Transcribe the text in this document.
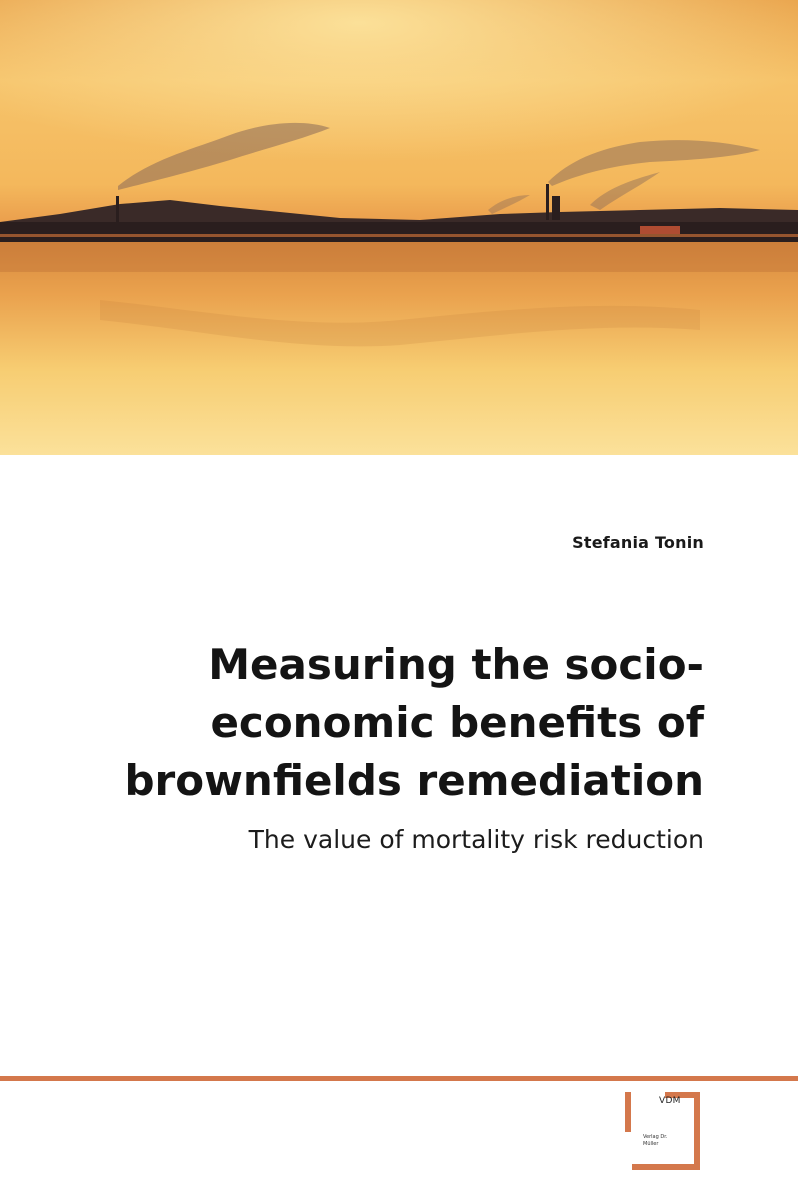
Stefania Tonin

Measuring the socio-
economic benefits of
brownfields remediation

The value of mortality risk reduction

VDM
Verlag Dr. Müller
